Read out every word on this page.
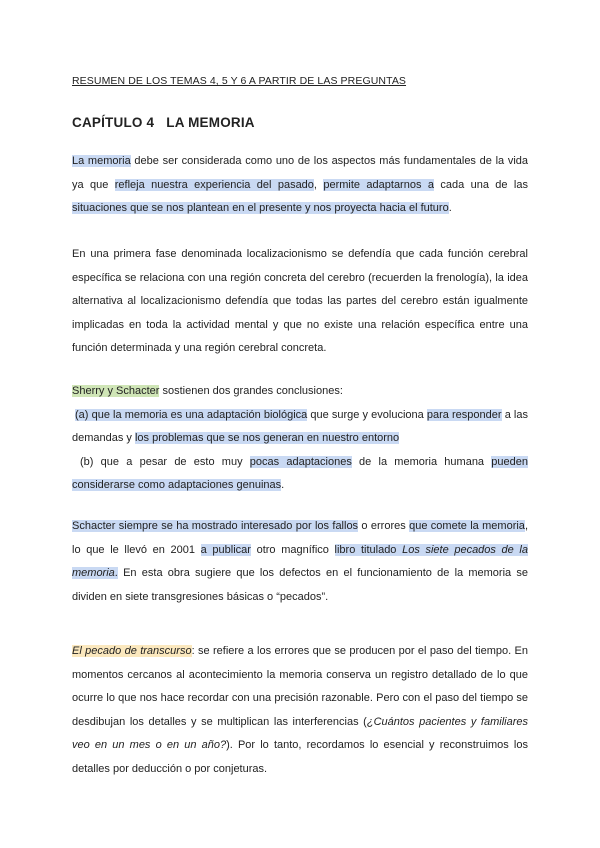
RESUMEN DE LOS TEMAS 4, 5 Y 6 A PARTIR DE LAS PREGUNTAS
CAPÍTULO 4 LA MEMORIA

La memoria debe ser considerada como uno de los aspectos más fundamentales de la vida ya que refleja nuestra experiencia del pasado, permite adaptarnos a cada una de las situaciones que se nos plantean en el presente y nos proyecta hacia el futuro.

En una primera fase denominada localizacionismo se defendía que cada función cerebral específica se relaciona con una región concreta del cerebro (recuerden la frenología), la idea alternativa al localizacionismo defendía que todas las partes del cerebro están igualmente implicadas en toda la actividad mental y que no existe una relación específica entre una función determinada y una región cerebral concreta.

Sherry y Schacter sostienen dos grandes conclusiones:
(a) que la memoria es una adaptación biológica que surge y evoluciona para responder a las demandas y los problemas que se nos generan en nuestro entorno
(b) que a pesar de esto muy pocas adaptaciones de la memoria humana pueden considerarse como adaptaciones genuinas.

Schacter siempre se ha mostrado interesado por los fallos o errores que comete la memoria, lo que le llevó en 2001 a publicar otro magnífico libro titulado Los siete pecados de la memoria. En esta obra sugiere que los defectos en el funcionamiento de la memoria se dividen en siete transgresiones básicas o “pecados”.

El pecado de transcurso: se refiere a los errores que se producen por el paso del tiempo. En momentos cercanos al acontecimiento la memoria conserva un registro detallado de lo que ocurre lo que nos hace recordar con una precisión razonable. Pero con el paso del tiempo se desdibujan los detalles y se multiplican las interferencias (¿Cuántos pacientes y familiares veo en un mes o en un año?). Por lo tanto, recordamos lo esencial y reconstruimos los detalles por deducción o por conjeturas.
